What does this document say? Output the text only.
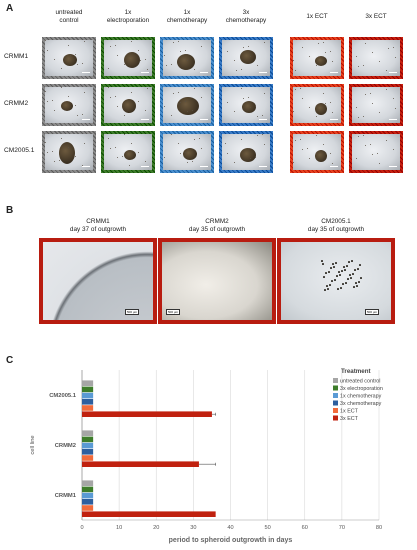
A
B
C
untreated
control
1x
electroporation
1x
chemotherapy
3x
chemotherapy	1x ECT	3x ECT
CRMM1
CRMM2
CM2005.1
CRMM1
day 37 of outgrowth
500 µm
CRMM2
day 35 of outgrowth
500 µm
CM2005.1
day 35 of outgrowth
500 µm
0	10	20	30	40	50	60	70	80
CM2005.1
CRMM2
CRMM1
period to spheroid outgrowth in days
cell line
Treatment
untreated control
3x electroporation
1x chemotherapy
3x chemotherapy
1x ECT
3x ECT
